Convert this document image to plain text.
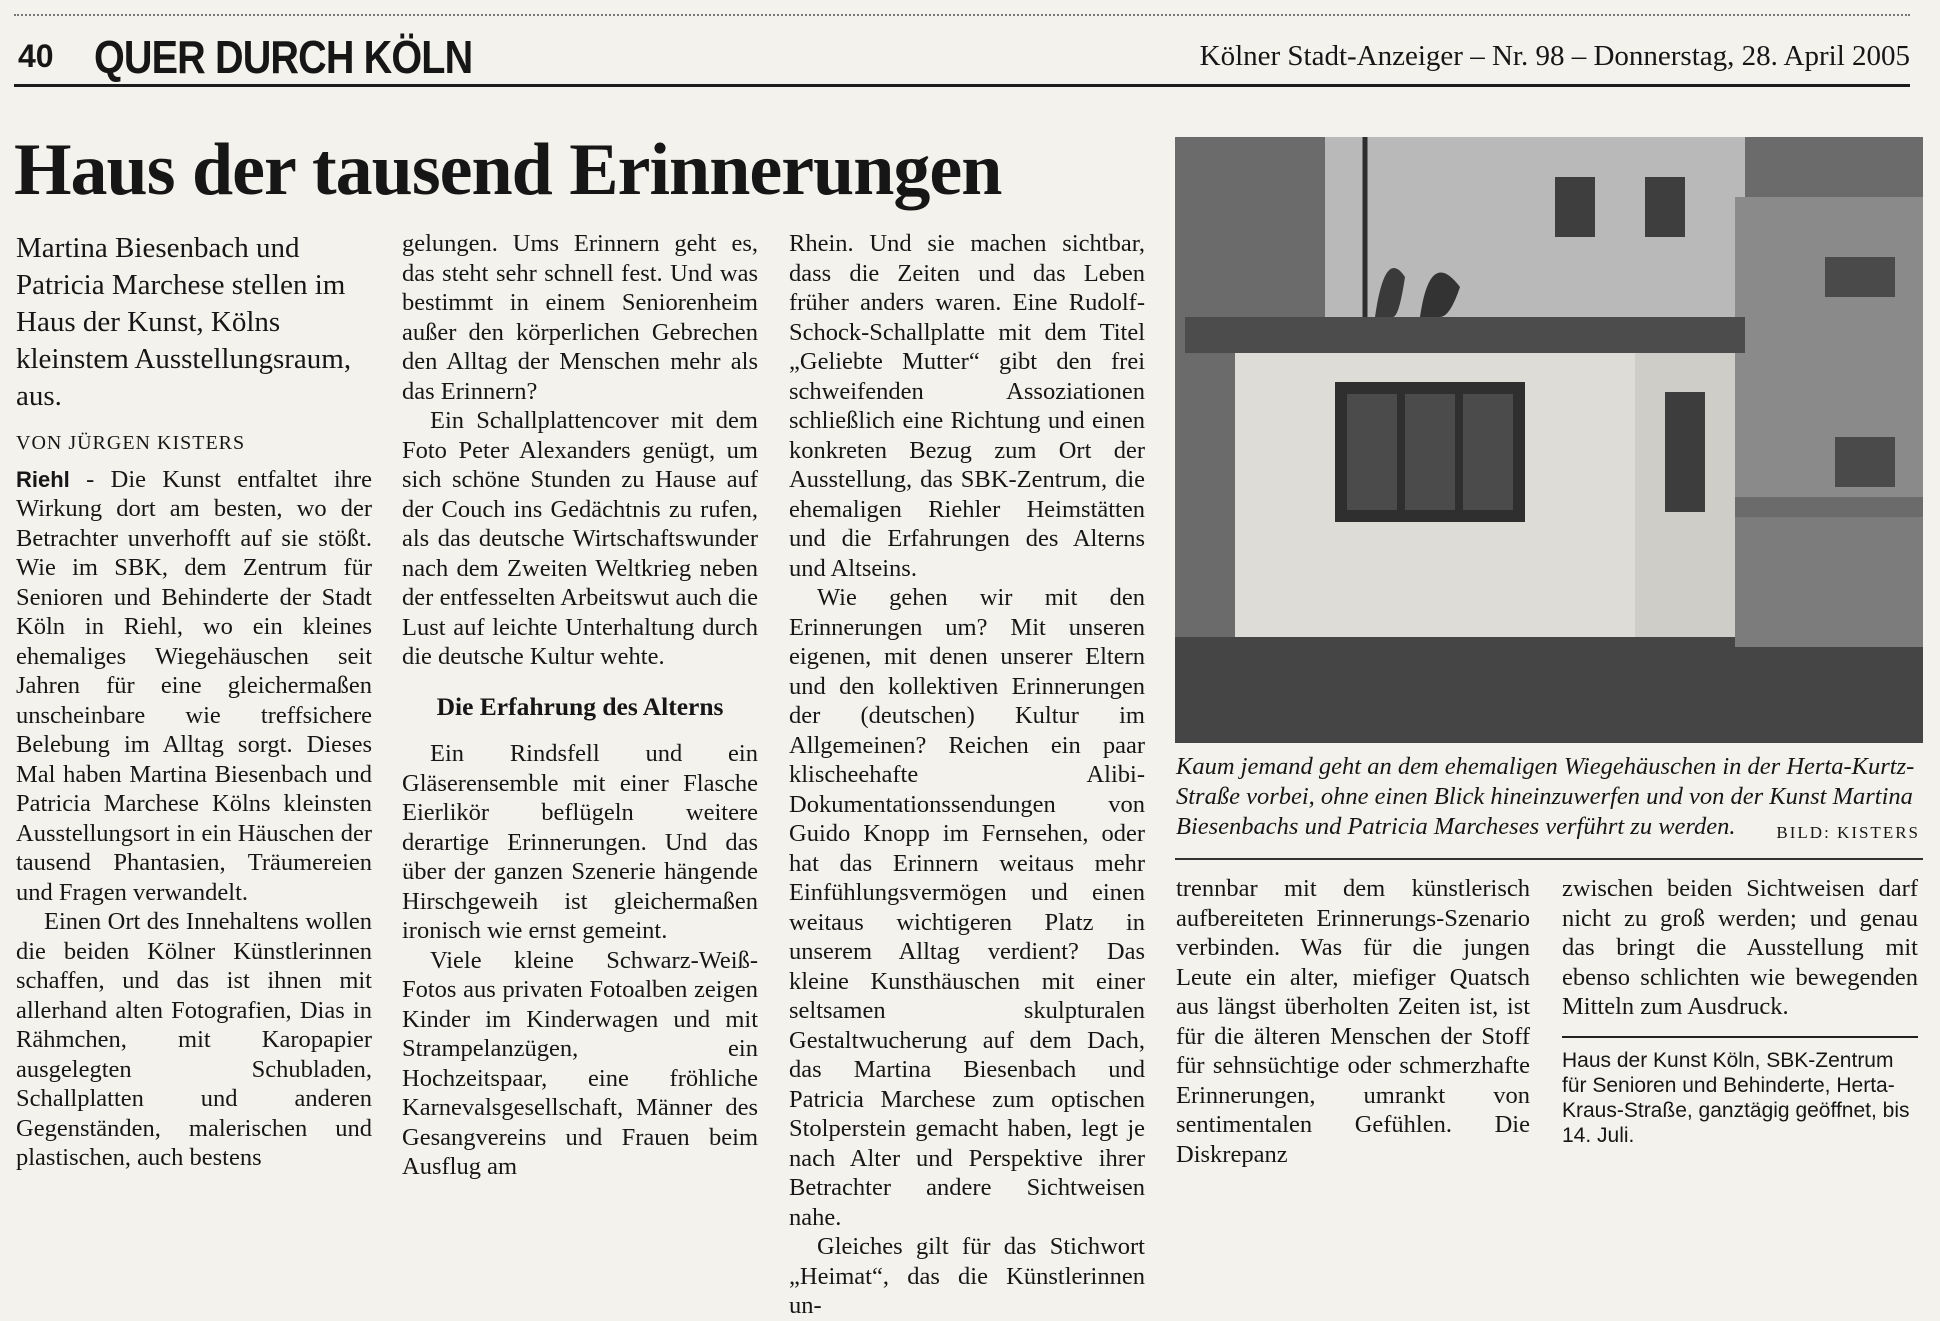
40 QUER DURCH KÖLN	Kölner Stadt-Anzeiger – Nr. 98 – Donnerstag, 28. April 2005
Haus der tausend Erinnerungen

Martina Biesenbach und Patricia Marchese stellen im Haus der Kunst, Kölns kleinstem Ausstellungsraum, aus.

VON JÜRGEN KISTERS

Riehl - Die Kunst entfaltet ihre Wirkung dort am besten, wo der Betrachter unverhofft auf sie stößt. Wie im SBK, dem Zentrum für Senioren und Behinderte der Stadt Köln in Riehl, wo ein kleines ehemaliges Wiegehäuschen seit Jahren für eine gleichermaßen unscheinbare wie treffsichere Belebung im Alltag sorgt. Dieses Mal haben Martina Biesenbach und Patricia Marchese Kölns kleinsten Ausstellungsort in ein Häuschen der tausend Phantasien, Träumereien und Fragen verwandelt.

Einen Ort des Innehaltens wollen die beiden Kölner Künstlerinnen schaffen, und das ist ihnen mit allerhand alten Fotografien, Dias in Rähmchen, mit Karopapier ausgelegten Schubladen, Schallplatten und anderen Gegenständen, malerischen und plastischen, auch bestens

gelungen. Ums Erinnern geht es, das steht sehr schnell fest. Und was bestimmt in einem Seniorenheim außer den körperlichen Gebrechen den Alltag der Menschen mehr als das Erinnern?

Ein Schallplattencover mit dem Foto Peter Alexanders genügt, um sich schöne Stunden zu Hause auf der Couch ins Gedächtnis zu rufen, als das deutsche Wirtschaftswunder nach dem Zweiten Weltkrieg neben der entfesselten Arbeitswut auch die Lust auf leichte Unterhaltung durch die deutsche Kultur wehte.

Die Erfahrung des Alterns

Ein Rindsfell und ein Gläserensemble mit einer Flasche Eierlikör beflügeln weitere derartige Erinnerungen. Und das über der ganzen Szenerie hängende Hirschgeweih ist gleichermaßen ironisch wie ernst gemeint.

Viele kleine Schwarz-Weiß-Fotos aus privaten Fotoalben zeigen Kinder im Kinderwagen und mit Strampelanzügen, ein Hochzeitspaar, eine fröhliche Karnevalsgesellschaft, Männer des Gesangvereins und Frauen beim Ausflug am

Rhein. Und sie machen sichtbar, dass die Zeiten und das Leben früher anders waren. Eine Rudolf-Schock-Schallplatte mit dem Titel „Geliebte Mutter“ gibt den frei schweifenden Assoziationen schließlich eine Richtung und einen konkreten Bezug zum Ort der Ausstellung, das SBK-Zentrum, die ehemaligen Riehler Heimstätten und die Erfahrungen des Alterns und Altseins.

Wie gehen wir mit den Erinnerungen um? Mit unseren eigenen, mit denen unserer Eltern und den kollektiven Erinnerungen der (deutschen) Kultur im Allgemeinen? Reichen ein paar klischeehafte Alibi-Dokumentationssendungen von Guido Knopp im Fernsehen, oder hat das Erinnern weitaus mehr Einfühlungsvermögen und einen weitaus wichtigeren Platz in unserem Alltag verdient? Das kleine Kunsthäuschen mit einer seltsamen skulpturalen Gestaltwucherung auf dem Dach, das Martina Biesenbach und Patricia Marchese zum optischen Stolperstein gemacht haben, legt je nach Alter und Perspektive ihrer Betrachter andere Sichtweisen nahe.

Gleiches gilt für das Stichwort „Heimat“, das die Künstlerinnen un-

Kaum jemand geht an dem ehemaligen Wiegehäuschen in der Herta-Kurtz-Straße vorbei, ohne einen Blick hineinzuwerfen und von der Kunst Martina Biesenbachs und Patricia Marcheses verführt zu werden. BILD: KISTERS

trennbar mit dem künstlerisch aufbereiteten Erinnerungs-Szenario verbinden. Was für die jungen Leute ein alter, miefiger Quatsch aus längst überholten Zeiten ist, ist für die älteren Menschen der Stoff für sehnsüchtige oder schmerzhafte Erinnerungen, umrankt von sentimentalen Gefühlen. Die Diskrepanz

zwischen beiden Sichtweisen darf nicht zu groß werden; und genau das bringt die Ausstellung mit ebenso schlichten wie bewegenden Mitteln zum Ausdruck.

Haus der Kunst Köln, SBK-Zentrum für Senioren und Behinderte, Herta-Kraus-Straße, ganztägig geöffnet, bis 14. Juli.
